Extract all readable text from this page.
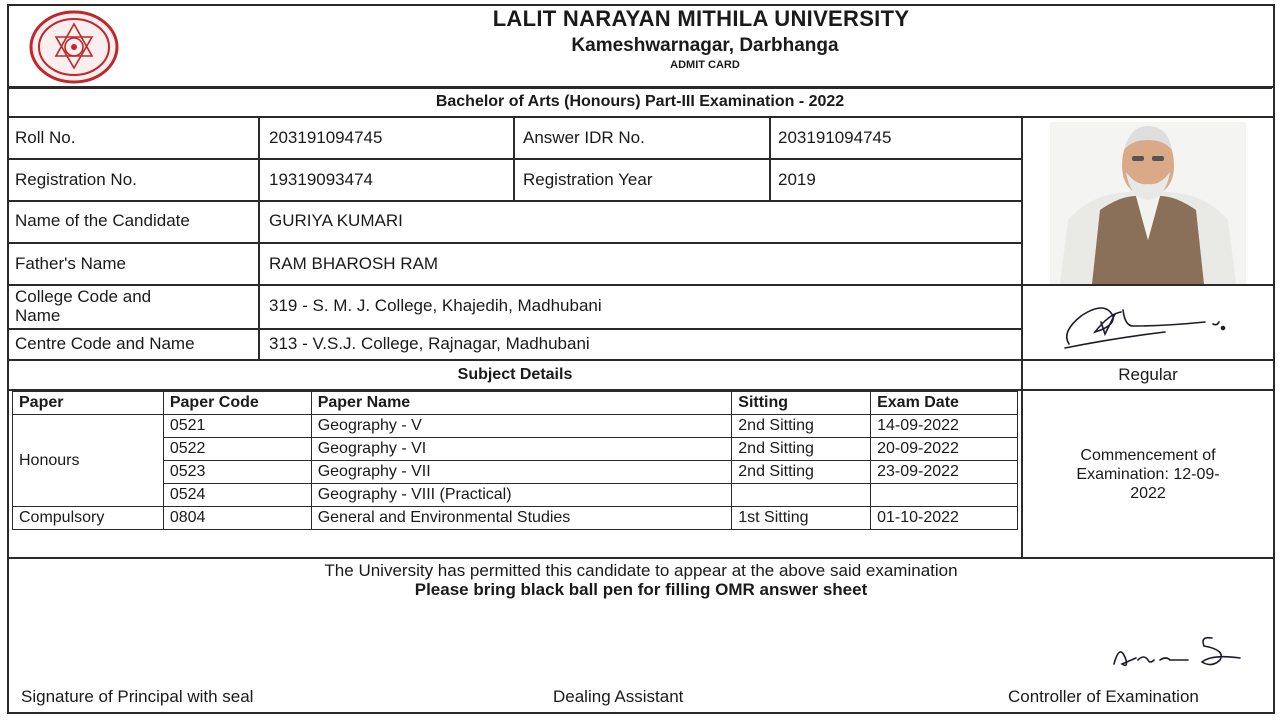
LALIT NARAYAN MITHILA UNIVERSITY
Kameshwarnagar, Darbhanga
ADMIT CARD
Bachelor of Arts (Honours) Part-III Examination - 2022
Roll No.	203191094745	Answer IDR No.	203191094745
Registration No.	19319093474	Registration Year	2019
Name of the Candidate	GURIYA KUMARI
Father's Name	RAM BHAROSH RAM
College Code and
Name
319 - S. M. J. College, Khajedih, Madhubani
Centre Code and Name	313 - V.S.J. College, Rajnagar, Madhubani
Regular
Subject Details
Paper	Paper Code	Paper Name	Sitting	Exam Date
Honours	0521	Geography - V	2nd Sitting	14-09-2022
	0522	Geography - VI	2nd Sitting	20-09-2022
	0523	Geography - VII	2nd Sitting	23-09-2022
	0524	Geography - VIII (Practical)		
Compulsory	0804	General and Environmental Studies	1st Sitting	01-10-2022
Commencement of
Examination: 12-09-
2022
The University has permitted this candidate to appear at the above said examination
Please bring black ball pen for filling OMR answer sheet
Signature of Principal with seal	Dealing Assistant	Controller of Examination
